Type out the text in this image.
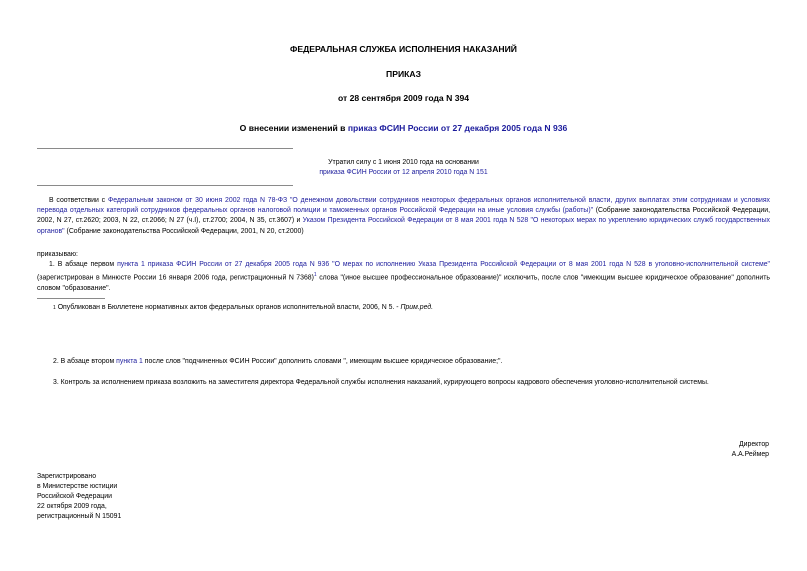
ФЕДЕРАЛЬНАЯ СЛУЖБА ИСПОЛНЕНИЯ НАКАЗАНИЙ
ПРИКАЗ
от 28 сентября 2009 года N 394
О внесении изменений в приказ ФСИН России от 27 декабря 2005 года N 936
Утратил силу с 1 июня 2010 года на основании
приказа ФСИН России от 12 апреля 2010 года N 151
В соответствии с Федеральным законом от 30 июня 2002 года N 78-ФЗ "О денежном довольствии сотрудников некоторых федеральных органов исполнительной власти, других выплатах этим сотрудникам и условиях перевода отдельных категорий сотрудников федеральных органов налоговой полиции и таможенных органов Российской Федерации на иные условия службы (работы)" (Собрание законодательства Российской Федерации, 2002, N 27, ст.2620; 2003, N 22, ст.2066; N 27 (ч.I), ст.2700; 2004, N 35, ст.3607) и Указом Президента Российской Федерации от 8 мая 2001 года N 528 "О некоторых мерах по укреплению юридических служб государственных органов" (Собрание законодательства Российской Федерации, 2001, N 20, ст.2000)
приказываю:
1. В абзаце первом пункта 1 приказа ФСИН России от 27 декабря 2005 года N 936 "О мерах по исполнению Указа Президента Российской Федерации от 8 мая 2001 года N 528 в уголовно-исполнительной системе" (зарегистрирован в Минюсте России 16 января 2006 года, регистрационный N 7368)$^1$ слова "(иное высшее профессиональное образование)" исключить, после слов "имеющим высшее юридическое образование" дополнить словом "образование".
1 Опубликован в Бюллетене нормативных актов федеральных органов исполнительной власти, 2006, N 5. - Прим.ред.
2. В абзаце втором пункта 1 после слов "подчиненных ФСИН России" дополнить словами ", имеющим высшее юридическое образование;".
3. Контроль за исполнением приказа возложить на заместителя директора Федеральной службы исполнения наказаний, курирующего вопросы кадрового обеспечения уголовно-исполнительной системы.
Директор
А.А.Реймер
Зарегистрировано
в Министерстве юстиции
Российской Федерации
22 октября 2009 года,
регистрационный N 15091
